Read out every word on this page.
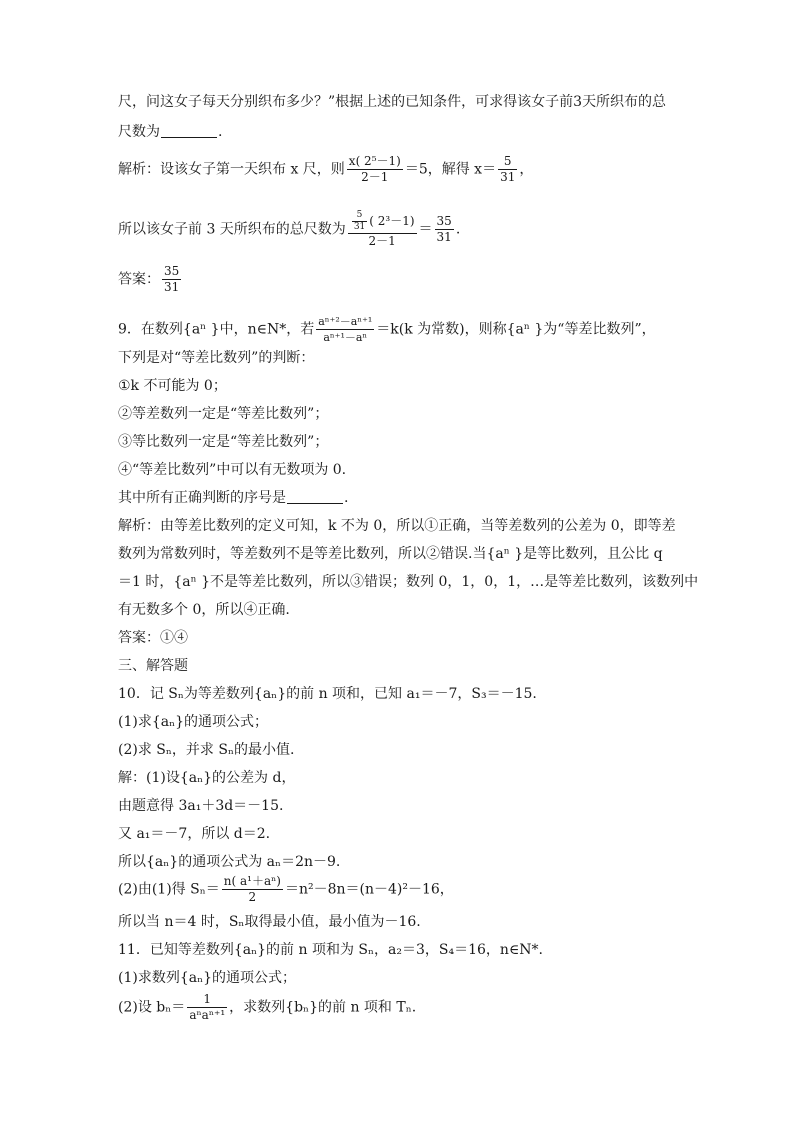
尺，问这女子每天分别织布多少？”根据上述的已知条件，可求得该女子前3天所织布的总
尺数为	.
解析：设该女子第一天织布 x 尺，则 $\frac{\text{x( 2⁵－1)}}{2-1} =5$，解得 $x= \frac{5}{31}$ ，
所以该女子前 3 天所织布的总尺数为 $\frac{\frac{5}{31} ( 2^3-1)}{2-1} = \frac{35}{31}$ .
答案： $\frac{35}{31}$
9．在数列{aⁿ }中，n∈N*，若 $\frac{\text{aⁿ⁺²－aⁿ⁺¹}}{\text{aⁿ⁺¹－aⁿ}} =k(k$ 为常数)，则称{aⁿ }为“等差比数列”，
下列是对“等差比数列”的判断：
①k 不可能为 0；
②等差数列一定是“等差比数列”；
③等比数列一定是“等差比数列”；
④“等差比数列”中可以有无数项为 0.
其中所有正确判断的序号是	.
解析：由等差比数列的定义可知，k 不为 0，所以①正确，当等差数列的公差为 0，即等差
数列为常数列时，等差数列不是等差比数列，所以②错误.当{aⁿ }是等比数列，且公比 q
＝1 时，{aⁿ }不是等差比数列，所以③错误；数列 0，1，0，1，…是等差比数列，该数列中
有无数多个 0，所以④正确.
答案：①④
三、解答题
10．记 Sₙ为等差数列{aₙ}的前 n 项和，已知 a₁＝－7，S₃＝－15.
(1)求{aₙ}的通项公式；
(2)求 Sₙ，并求 Sₙ的最小值.
解：(1)设{aₙ}的公差为 d，
由题意得 3a₁＋3d＝－15.
又 a₁＝－7，所以 d＝2.
所以{aₙ}的通项公式为 aₙ＝2n－9.
(2)由(1)得 $S_n= \frac{\text{n( a¹＋aⁿ)}}{2} =n^2-8n=(n-4)^2-16$，
所以当 n＝4 时，Sₙ取得最小值，最小值为－16.
11．已知等差数列{aₙ}的前 n 项和为 Sₙ，a₂＝3，S₄＝16，n∈N*.
(1)求数列{aₙ}的通项公式；
(2)设 $b_n= \frac{1}{\text{aⁿaⁿ⁺¹}}$ ，求数列{bₙ}的前 n 项和 Tₙ.
